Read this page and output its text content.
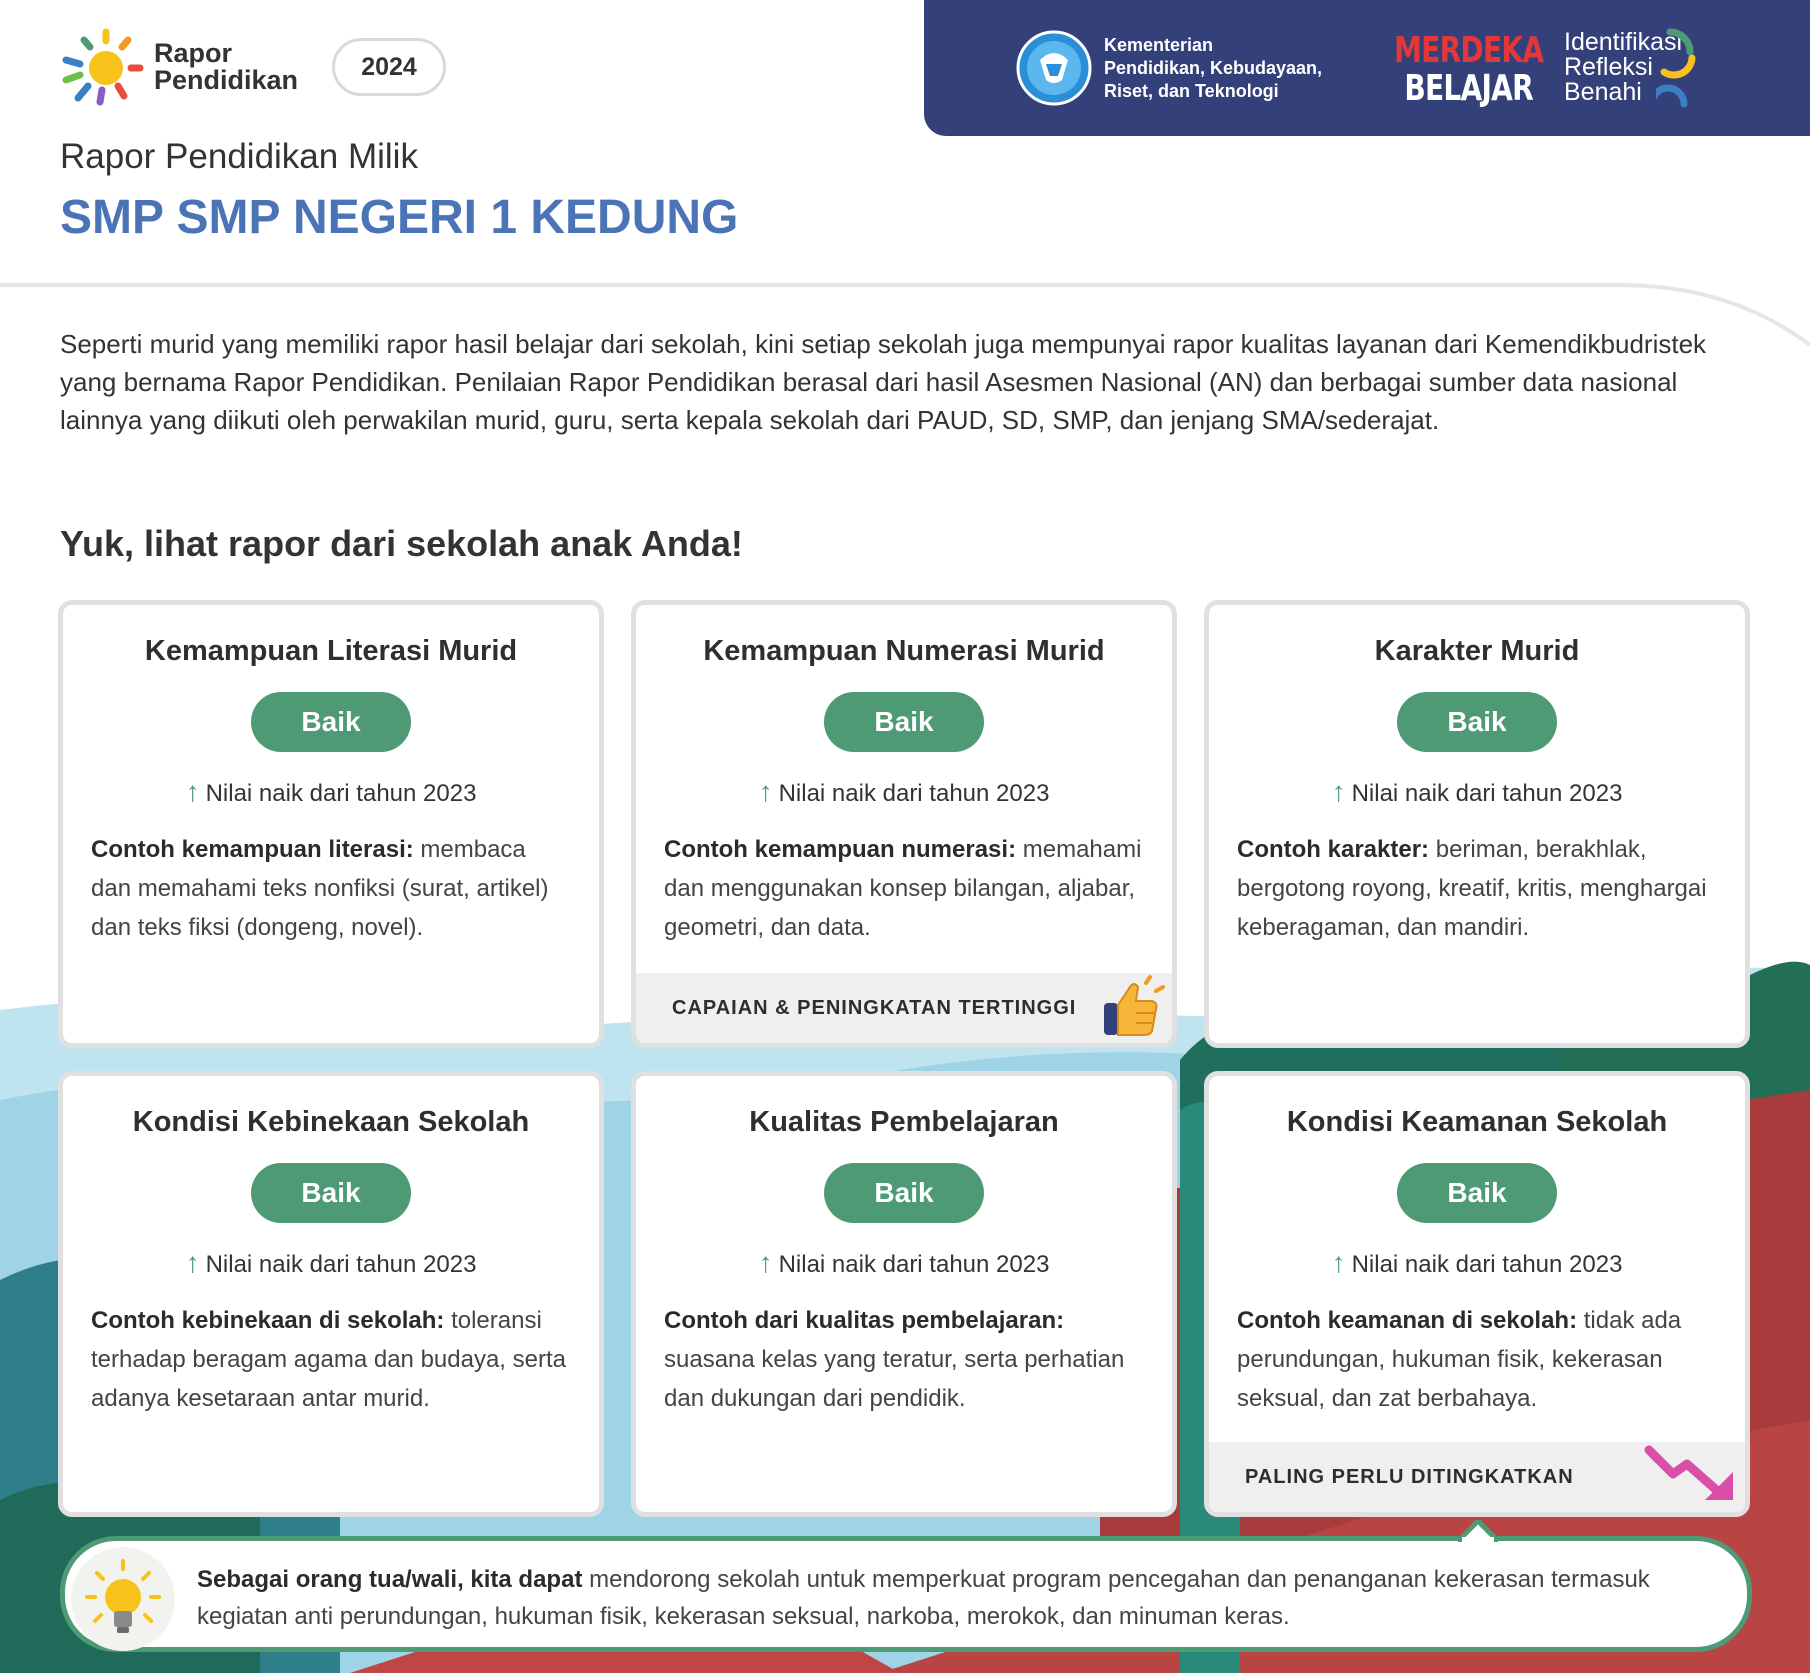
Rapor
Pendidikan	2024
Kementerian
Pendidikan, Kebudayaan,
Riset, dan Teknologi
MERDEKA
BELAJAR
Identifikasi
Refleksi
Benahi
Rapor Pendidikan Milik
SMP SMP NEGERI 1 KEDUNG
Seperti murid yang memiliki rapor hasil belajar dari sekolah, kini setiap sekolah juga mempunyai rapor kualitas layanan dari Kemendikbudristek yang bernama Rapor Pendidikan. Penilaian Rapor Pendidikan berasal dari hasil Asesmen Nasional (AN) dan berbagai sumber data nasional lainnya yang diikuti oleh perwakilan murid, guru, serta kepala sekolah dari PAUD, SD, SMP, dan jenjang SMA/sederajat.
Yuk, lihat rapor dari sekolah anak Anda!
Kemampuan Literasi Murid
Baik
↑ Nilai naik dari tahun 2023
Contoh kemampuan literasi: membaca dan memahami teks nonfiksi (surat, artikel) dan teks fiksi (dongeng, novel).
Kemampuan Numerasi Murid
Baik
↑ Nilai naik dari tahun 2023
Contoh kemampuan numerasi: memahami dan menggunakan konsep bilangan, aljabar, geometri, dan data.
CAPAIAN & PENINGKATAN TERTINGGI
Karakter Murid
Baik
↑ Nilai naik dari tahun 2023
Contoh karakter: beriman, berakhlak, bergotong royong, kreatif, kritis, menghargai keberagaman, dan mandiri.
Kondisi Kebinekaan Sekolah
Baik
↑ Nilai naik dari tahun 2023
Contoh kebinekaan di sekolah: toleransi terhadap beragam agama dan budaya, serta adanya kesetaraan antar murid.
Kualitas Pembelajaran
Baik
↑ Nilai naik dari tahun 2023
Contoh dari kualitas pembelajaran: suasana kelas yang teratur, serta perhatian dan dukungan dari pendidik.
Kondisi Keamanan Sekolah
Baik
↑ Nilai naik dari tahun 2023
Contoh keamanan di sekolah: tidak ada perundungan, hukuman fisik, kekerasan seksual, dan zat berbahaya.
PALING PERLU DITINGKATKAN
Sebagai orang tua/wali, kita dapat mendorong sekolah untuk memperkuat program pencegahan dan penanganan kekerasan termasuk kegiatan anti perundungan, hukuman fisik, kekerasan seksual, narkoba, merokok, dan minuman keras.
